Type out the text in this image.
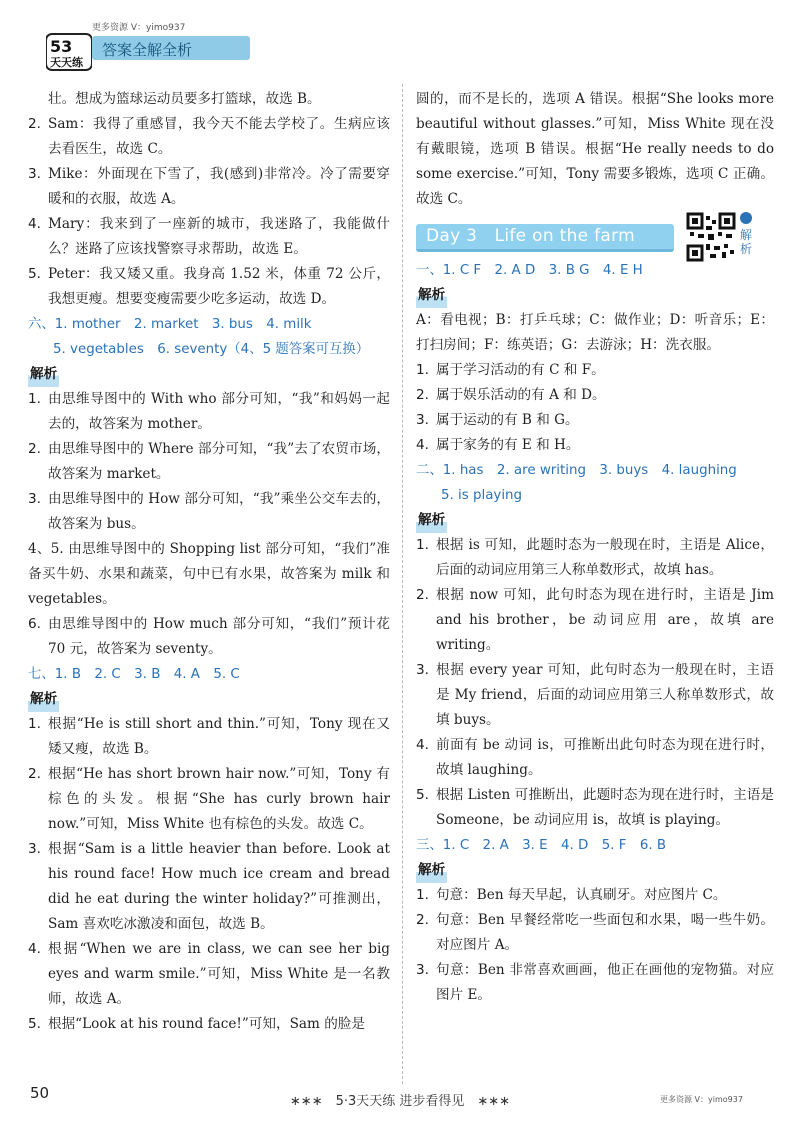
53
天天练
更多资源 V：yimo937
答案全解全析
壮。想成为篮球运动员要多打篮球，故选 B。
2. Sam：我得了重感冒，我今天不能去学校了。生病应该去看医生，故选 C。
3. Mike：外面现在下雪了，我(感到)非常冷。冷了需要穿暖和的衣服，故选 A。
4. Mary：我来到了一座新的城市，我迷路了，我能做什么？迷路了应该找警察寻求帮助，故选 E。
5. Peter：我又矮又重。我身高 1.52 米，体重 72 公斤，我想更瘦。想要变瘦需要少吃多运动，故选 D。
六、1. mother　2. market　3. bus　4. milk
5. vegetables　6. seventy（4、5 题答案可互换）
解析
1. 由思维导图中的 With who 部分可知，“我”和妈妈一起去的，故答案为 mother。
2. 由思维导图中的 Where 部分可知，“我”去了农贸市场，故答案为 market。
3. 由思维导图中的 How 部分可知，“我”乘坐公交车去的，故答案为 bus。
4、5. 由思维导图中的 Shopping list 部分可知，“我们”准备买牛奶、水果和蔬菜，句中已有水果，故答案为 milk 和 vegetables。
6. 由思维导图中的 How much 部分可知，“我们”预计花 70 元，故答案为 seventy。
七、1. B　2. C　3. B　4. A　5. C
解析
1. 根据“He is still short and thin.”可知，Tony 现在又矮又瘦，故选 B。
2. 根据“He has short brown hair now.”可知，Tony 有棕色的头发。根据“She has curly brown hair now.”可知，Miss White 也有棕色的头发。故选 C。
3. 根据“Sam is a little heavier than before. Look at his round face! How much ice cream and bread did he eat during the winter holiday?”可推测出，Sam 喜欢吃冰激凌和面包，故选 B。
4. 根据“When we are in class, we can see her big eyes and warm smile.”可知，Miss White 是一名教师，故选 A。
5. 根据“Look at his round face!”可知，Sam 的脸是
圆的，而不是长的，选项 A 错误。根据“She looks more beautiful without glasses.”可知，Miss White 现在没有戴眼镜，选项 B 错误。根据“He really needs to do some exercise.”可知，Tony 需要多锻炼，选项 C 正确。故选 C。
Day 3　Life on the farm	解析
一、1. C F　2. A D　3. B G　4. E H
解析
A：看电视；B：打乒乓球；C：做作业；D：听音乐；E：打扫房间；F：练英语；G：去游泳；H：洗衣服。
1. 属于学习活动的有 C 和 F。
2. 属于娱乐活动的有 A 和 D。
3. 属于运动的有 B 和 G。
4. 属于家务的有 E 和 H。
二、1. has　2. are writing　3. buys　4. laughing
5. is playing
解析
1. 根据 is 可知，此题时态为一般现在时，主语是 Alice，后面的动词应用第三人称单数形式，故填 has。
2. 根据 now 可知，此句时态为现在进行时，主语是 Jim and his brother，be 动词应用 are，故填 are writing。
3. 根据 every year 可知，此句时态为一般现在时，主语是 My friend，后面的动词应用第三人称单数形式，故填 buys。
4. 前面有 be 动词 is，可推断出此句时态为现在进行时，故填 laughing。
5. 根据 Listen 可推断出，此题时态为现在进行时，主语是 Someone，be 动词应用 is，故填 is playing。
三、1. C　2. A　3. E　4. D　5. F　6. B
解析
1. 句意：Ben 每天早起，认真刷牙。对应图片 C。
2. 句意：Ben 早餐经常吃一些面包和水果，喝一些牛奶。对应图片 A。
3. 句意：Ben 非常喜欢画画，他正在画他的宠物猫。对应图片 E。
50	∗∗∗　5·3天天练 进步看得见　∗∗∗	更多资源 V：yimo937
